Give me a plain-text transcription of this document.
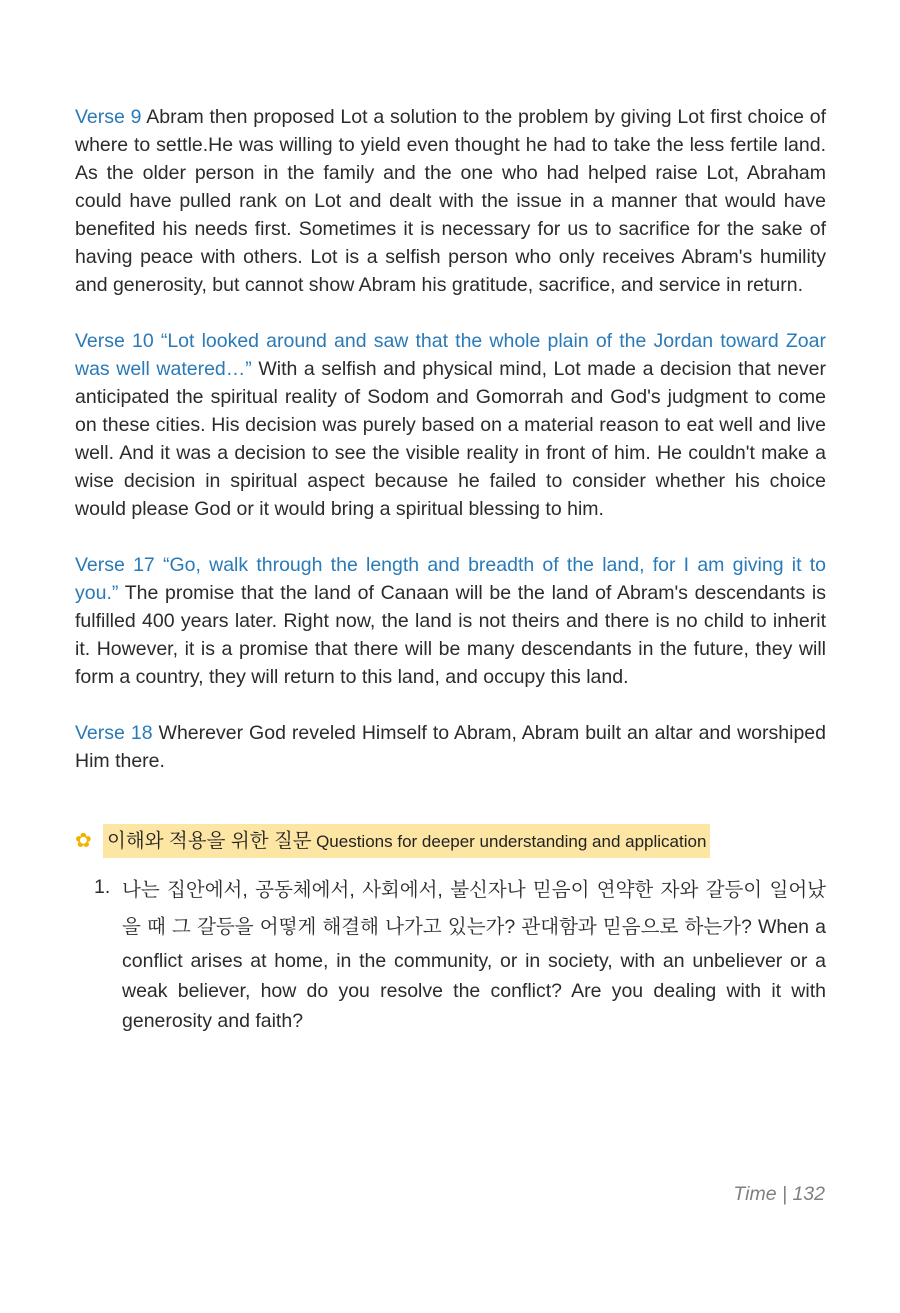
Verse 9 Abram then proposed Lot a solution to the problem by giving Lot first choice of where to settle.He was willing to yield even thought he had to take the less fertile land. As the older person in the family and the one who had helped raise Lot, Abraham could have pulled rank on Lot and dealt with the issue in a manner that would have benefited his needs first. Sometimes it is necessary for us to sacrifice for the sake of having peace with others. Lot is a selfish person who only receives Abram's humility and generosity, but cannot show Abram his gratitude, sacrifice, and service in return.

Verse 10 “Lot looked around and saw that the whole plain of the Jordan toward Zoar was well watered…” With a selfish and physical mind, Lot made a decision that never anticipated the spiritual reality of Sodom and Gomorrah and God's judgment to come on these cities. His decision was purely based on a material reason to eat well and live well. And it was a decision to see the visible reality in front of him. He couldn't make a wise decision in spiritual aspect because he failed to consider whether his choice would please God or it would bring a spiritual blessing to him.

Verse 17 “Go, walk through the length and breadth of the land, for I am giving it to you.” The promise that the land of Canaan will be the land of Abram's descendants is fulfilled 400 years later. Right now, the land is not theirs and there is no child to inherit it. However, it is a promise that there will be many descendants in the future, they will form a country, they will return to this land, and occupy this land.

Verse 18 Wherever God reveled Himself to Abram, Abram built an altar and worshiped Him there.

✿ 이해와 적용을 위한 질문 Questions for deeper understanding and application
1. 나는 집안에서, 공동체에서, 사회에서, 불신자나 믿음이 연약한 자와 갈등이 일어났을 때 그 갈등을 어떻게 해결해 나가고 있는가? 관대함과 믿음으로 하는가? When a conflict arises at home, in the community, or in society, with an unbeliever or a weak believer, how do you resolve the conflict? Are you dealing with it with generosity and faith?
Time | 132
